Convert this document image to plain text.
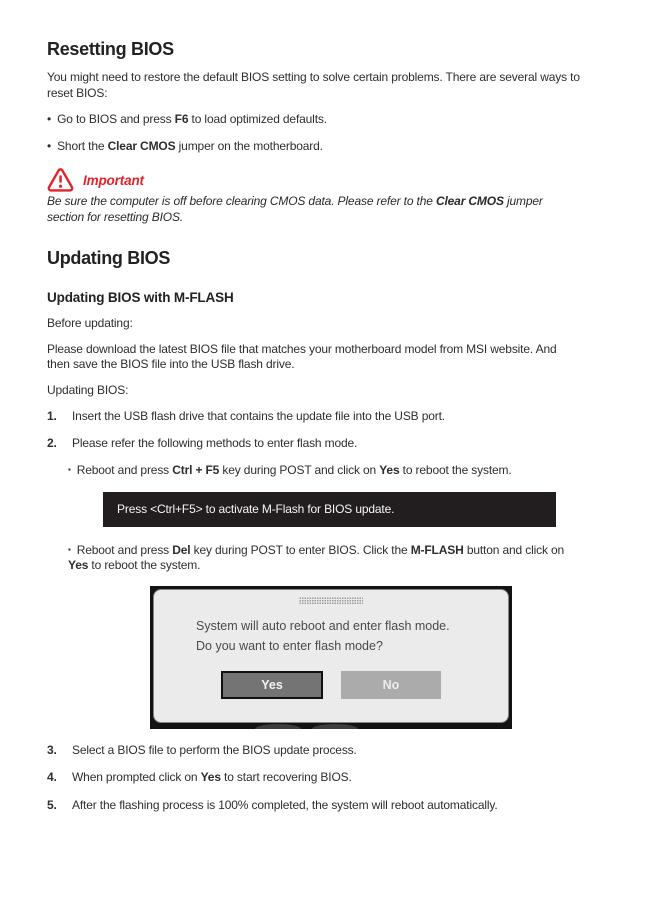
Resetting BIOS

You might need to restore the default BIOS setting to solve certain problems. There are several ways to reset BIOS:

• Go to BIOS and press F6 to load optimized defaults.

• Short the Clear CMOS jumper on the motherboard.

Important

Be sure the computer is off before clearing CMOS data. Please refer to the Clear CMOS jumper section for resetting BIOS.

Updating BIOS
Updating BIOS with M-FLASH

Before updating:

Please download the latest BIOS file that matches your motherboard model from MSI website. And then save the BIOS file into the USB flash drive.

Updating BIOS:

1. Insert the USB flash drive that contains the update file into the USB port.
2. Please refer the following methods to enter flash mode.
▪ Reboot and press Ctrl + F5 key during POST and click on Yes to reboot the system.
Press <Ctrl+F5> to activate M-Flash for BIOS update.
▪ Reboot and press Del key during POST to enter BIOS. Click the M-FLASH button and click on Yes to reboot the system.
System will auto reboot and enter flash mode.
Do you want to enter flash mode?
Yes	No
3. Select a BIOS file to perform the BIOS update process.
4. When prompted click on Yes to start recovering BIOS.
5. After the flashing process is 100% completed, the system will reboot automatically.
